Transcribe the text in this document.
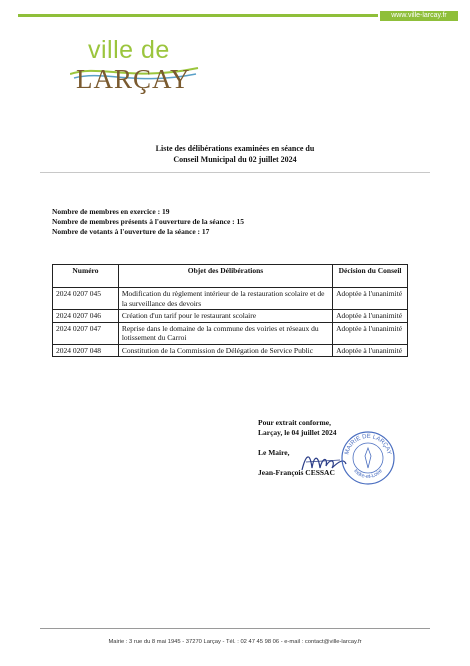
www.ville-larcay.fr
ville de
LARÇAY
Liste des délibérations examinées en séance du
Conseil Municipal du 02 juillet 2024
Nombre de membres en exercice : 19
Nombre de membres présents à l'ouverture de la séance : 15
Nombre de votants à l'ouverture de la séance : 17
Numéro	Objet des Délibérations	Décision du Conseil
2024 0207 045	Modification du règlement intérieur de la restauration scolaire et de la surveillance des devoirs	Adoptée à l'unanimité
2024 0207 046	Création d'un tarif pour le restaurant scolaire	Adoptée à l'unanimité
2024 0207 047	Reprise dans le domaine de la commune des voiries et réseaux du lotissement du Carroi	Adoptée à l'unanimité
2024 0207 048	Constitution de la Commission de Délégation de Service Public	Adoptée à l'unanimité
Pour extrait conforme,
Larçay, le 04 juillet 2024
Le Maire,
Jean-François CESSAC
MAIRIE DE LARÇAY
Indre-et-Loire
Mairie : 3 rue du 8 mai 1945 - 37270 Larçay - Tél. : 02 47 45 98 06 - e-mail : contact@ville-larcay.fr
